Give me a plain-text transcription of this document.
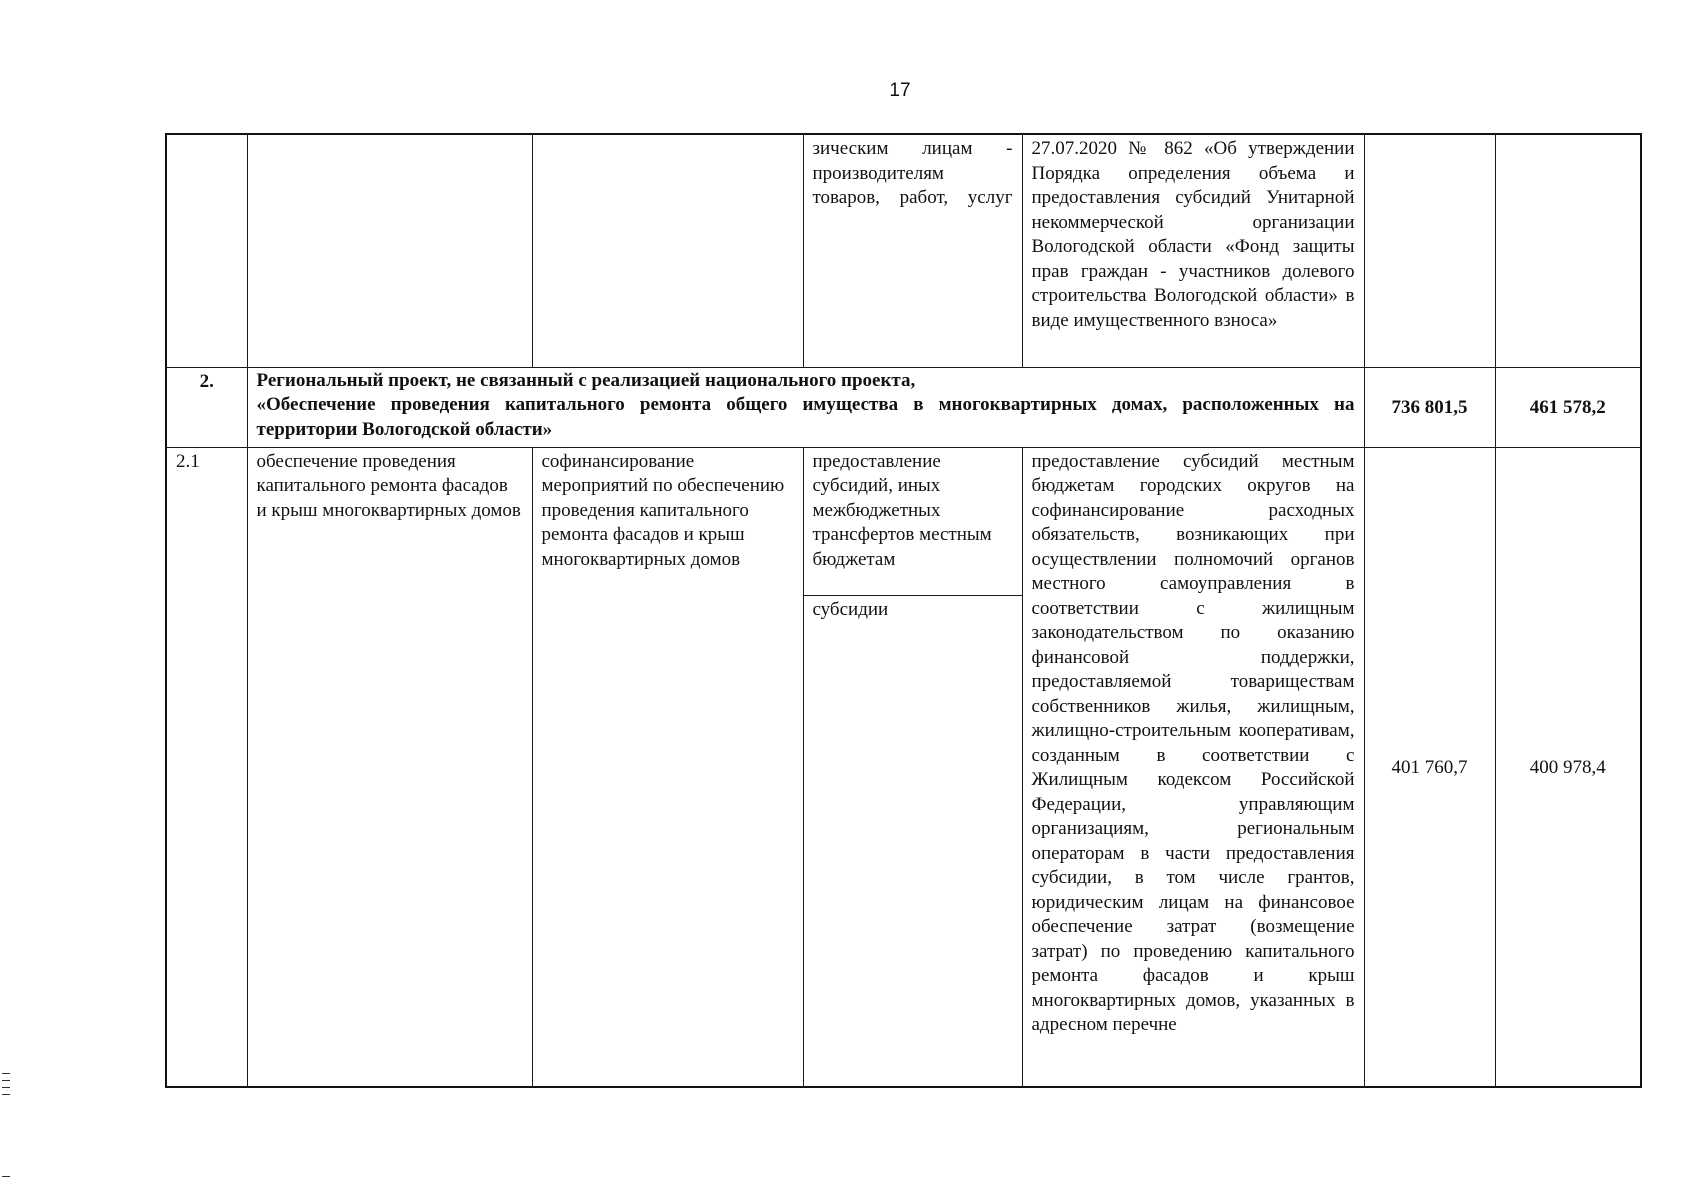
17
			зическим лицам - производителям товаров, работ, услуг	27.07.2020 № 862 «Об утверждении Порядка определения объема и предоставления субсидий Унитарной некоммерческой организации Вологодской области «Фонд защиты прав граждан - участников долевого строительства Вологодской области» в виде имущественного взноса»		
2.	Региональный проект, не связанный с реализацией национального проекта,
«Обеспечение проведения капитального ремонта общего имущества в многоквартирных домах, расположенных на территории Вологодской области»				736 801,5	461 578,2
2.1	обеспечение проведения капитального ремонта фасадов и крыш многоквартирных домов	софинансирование мероприятий по обеспечению проведения капитального ремонта фасадов и крыш многоквартирных домов	предоставление субсидий, иных межбюджетных трансфертов местным бюджетам
субсидии	предоставление субсидий местным бюджетам городских округов на софинансирование расходных обязательств, возникающих при осуществлении полномочий органов местного самоуправления в соответствии с жилищным законодательством по оказанию финансовой поддержки, предоставляемой товариществам собственников жилья, жилищным, жилищно-строительным кооперативам, созданным в соответствии с Жилищным кодексом Российской Федерации, управляющим организациям, региональным операторам в части предоставления субсидии, в том числе грантов, юридическим лицам на финансовое обеспечение затрат (возмещение затрат) по проведению капитального ремонта фасадов и крыш многоквартирных домов, указанных в адресном перечне	401 760,7	400 978,4
